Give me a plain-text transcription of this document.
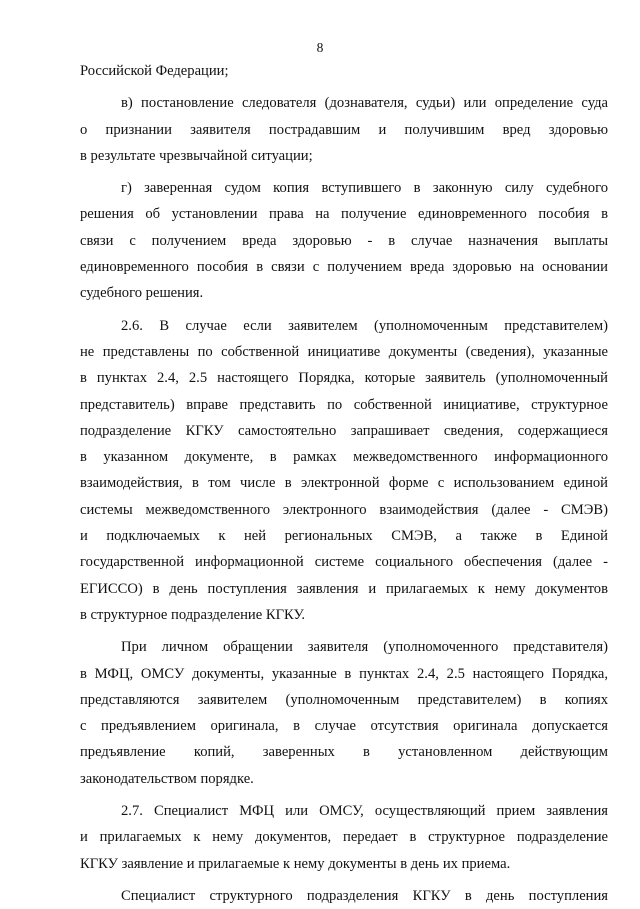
8

Российской Федерации;

в) постановление следователя (дознавателя, судьи) или определение суда
о признании заявителя пострадавшим и получившим вред здоровью
в результате чрезвычайной ситуации;

г) заверенная судом копия вступившего в законную силу судебного
решения об установлении права на получение единовременного пособия в
связи с получением вреда здоровью - в случае назначения выплаты
единовременного пособия в связи с получением вреда здоровью на основании
судебного решения.

2.6. В случае если заявителем (уполномоченным представителем)
не представлены по собственной инициативе документы (сведения), указанные
в пунктах 2.4, 2.5 настоящего Порядка, которые заявитель (уполномоченный
представитель) вправе представить по собственной инициативе, структурное
подразделение КГКУ самостоятельно запрашивает сведения, содержащиеся
в указанном документе, в рамках межведомственного информационного
взаимодействия, в том числе в электронной форме с использованием единой
системы межведомственного электронного взаимодействия (далее - СМЭВ)
и подключаемых к ней региональных СМЭВ, а также в Единой
государственной информационной системе социального обеспечения (далее -
ЕГИССО) в день поступления заявления и прилагаемых к нему документов
в структурное подразделение КГКУ.

При личном обращении заявителя (уполномоченного представителя)
в МФЦ, ОМСУ документы, указанные в пунктах 2.4, 2.5 настоящего Порядка,
представляются заявителем (уполномоченным представителем) в копиях
с предъявлением оригинала, в случае отсутствия оригинала допускается
предъявление копий, заверенных в установленном действующим
законодательством порядке.

2.7. Специалист МФЦ или ОМСУ, осуществляющий прием заявления
и прилагаемых к нему документов, передает в структурное подразделение
КГКУ заявление и прилагаемые к нему документы в день их приема.

Специалист структурного подразделения КГКУ в день поступления
